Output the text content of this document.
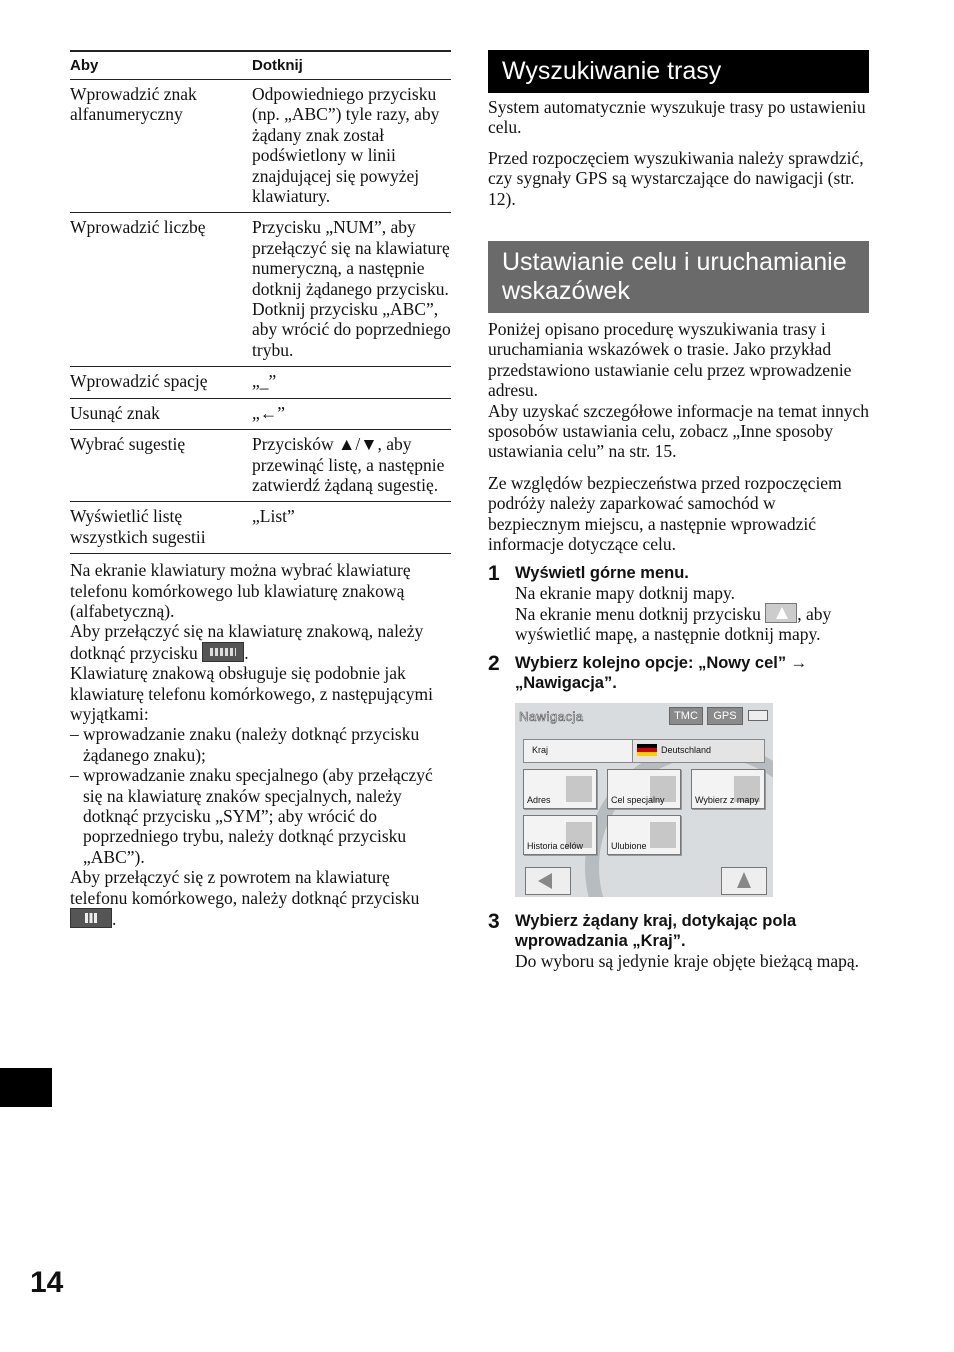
Aby	Dotknij
Wprowadzić znak alfanumeryczny	Odpowiedniego przycisku (np. „ABC”) tyle razy, aby żądany znak został podświetlony w linii znajdującej się powyżej klawiatury.
Wprowadzić liczbę	Przycisku „NUM”, aby przełączyć się na klawiaturę numeryczną, a następnie dotknij żądanego przycisku. Dotknij przycisku „ABC”, aby wrócić do poprzedniego trybu.
Wprowadzić spację	„_”
Usunąć znak	„←”
Wybrać sugestię	Przycisków ▲/▼, aby przewinąć listę, a następnie zatwierdź żądaną sugestię.
Wyświetlić listę wszystkich sugestii	„List”

Na ekranie klawiatury można wybrać klawiaturę telefonu komórkowego lub klawiaturę znakową (alfabetyczną).

Aby przełączyć się na klawiaturę znakową, należy dotknąć przycisku	.

Klawiaturę znakową obsługuje się podobnie jak klawiaturę telefonu komórkowego, z następującymi wyjątkami:

– wprowadzanie znaku (należy dotknąć przycisku żądanego znaku);
– wprowadzanie znaku specjalnego (aby przełączyć się na klawiaturę znaków specjalnych, należy dotknąć przycisku „SYM”; aby wrócić do poprzedniego trybu, należy dotknąć przycisku „ABC”).

Aby przełączyć się z powrotem na klawiaturę telefonu komórkowego, należy dotknąć przycisku .

Wyszukiwanie trasy

System automatycznie wyszukuje trasy po ustawieniu celu.

Przed rozpoczęciem wyszukiwania należy sprawdzić, czy sygnały GPS są wystarczające do nawigacji (str. 12).

Ustawianie celu i uruchamianie wskazówek

Poniżej opisano procedurę wyszukiwania trasy i uruchamiania wskazówek o trasie. Jako przykład przedstawiono ustawianie celu przez wprowadzenie adresu.

Aby uzyskać szczegółowe informacje na temat innych sposobów ustawiania celu, zobacz „Inne sposoby ustawiania celu” na str. 15.

Ze względów bezpieczeństwa przed rozpoczęciem podróży należy zaparkować samochód w bezpiecznym miejscu, a następnie wprowadzić informacje dotyczące celu.

1 Wyświetl górne menu.
Na ekranie mapy dotknij mapy.
Na ekranie menu dotknij przycisku , aby wyświetlić mapę, a następnie dotknij mapy.
2 Wybierz kolejno opcje: „Nowy cel” → „Nawigacja”.
Nawigacja	TMC	GPS
Kraj	Deutschland
Adres	Cel specjalny	Wybierz z mapy
Historia celów	Ulubione
3 Wybierz żądany kraj, dotykając pola wprowadzania „Kraj”.
Do wyboru są jedynie kraje objęte bieżącą mapą.
14
